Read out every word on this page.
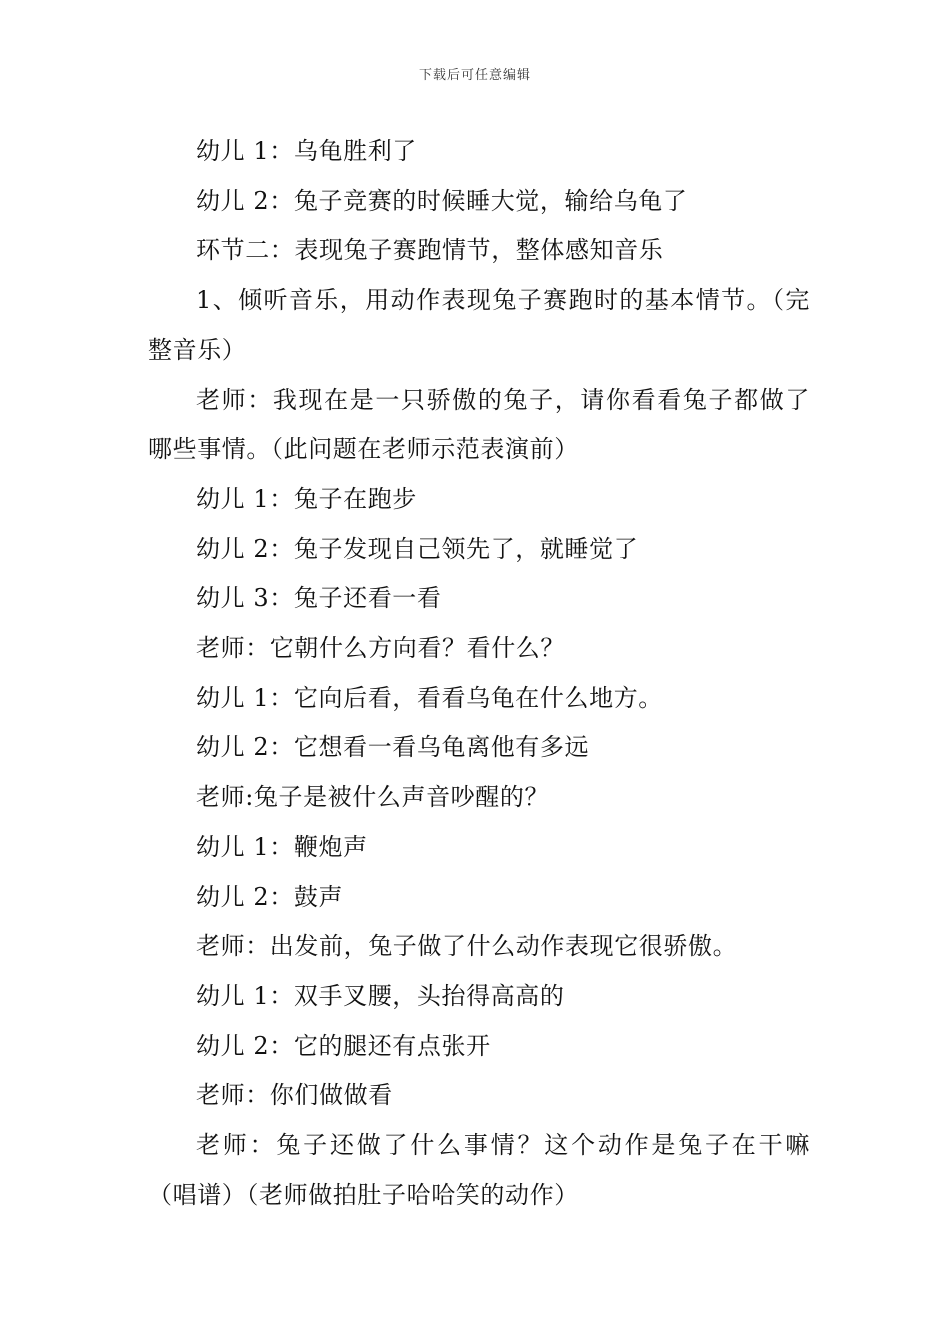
下载后可任意编辑

幼儿 1：乌龟胜利了

幼儿 2：兔子竞赛的时候睡大觉，输给乌龟了

环节二：表现兔子赛跑情节，整体感知音乐

1、倾听音乐，用动作表现兔子赛跑时的基本情节。（完整音乐）

老师：我现在是一只骄傲的兔子，请你看看兔子都做了哪些事情。（此问题在老师示范表演前）

幼儿 1：兔子在跑步

幼儿 2：兔子发现自己领先了，就睡觉了

幼儿 3：兔子还看一看

老师：它朝什么方向看？看什么？

幼儿 1：它向后看，看看乌龟在什么地方。

幼儿 2：它想看一看乌龟离他有多远

老师:兔子是被什么声音吵醒的？

幼儿 1：鞭炮声

幼儿 2：鼓声

老师：出发前，兔子做了什么动作表现它很骄傲。

幼儿 1：双手叉腰，头抬得高高的

幼儿 2：它的腿还有点张开

老师：你们做做看

老师：兔子还做了什么事情？这个动作是兔子在干嘛（唱谱）（老师做拍肚子哈哈笑的动作）
